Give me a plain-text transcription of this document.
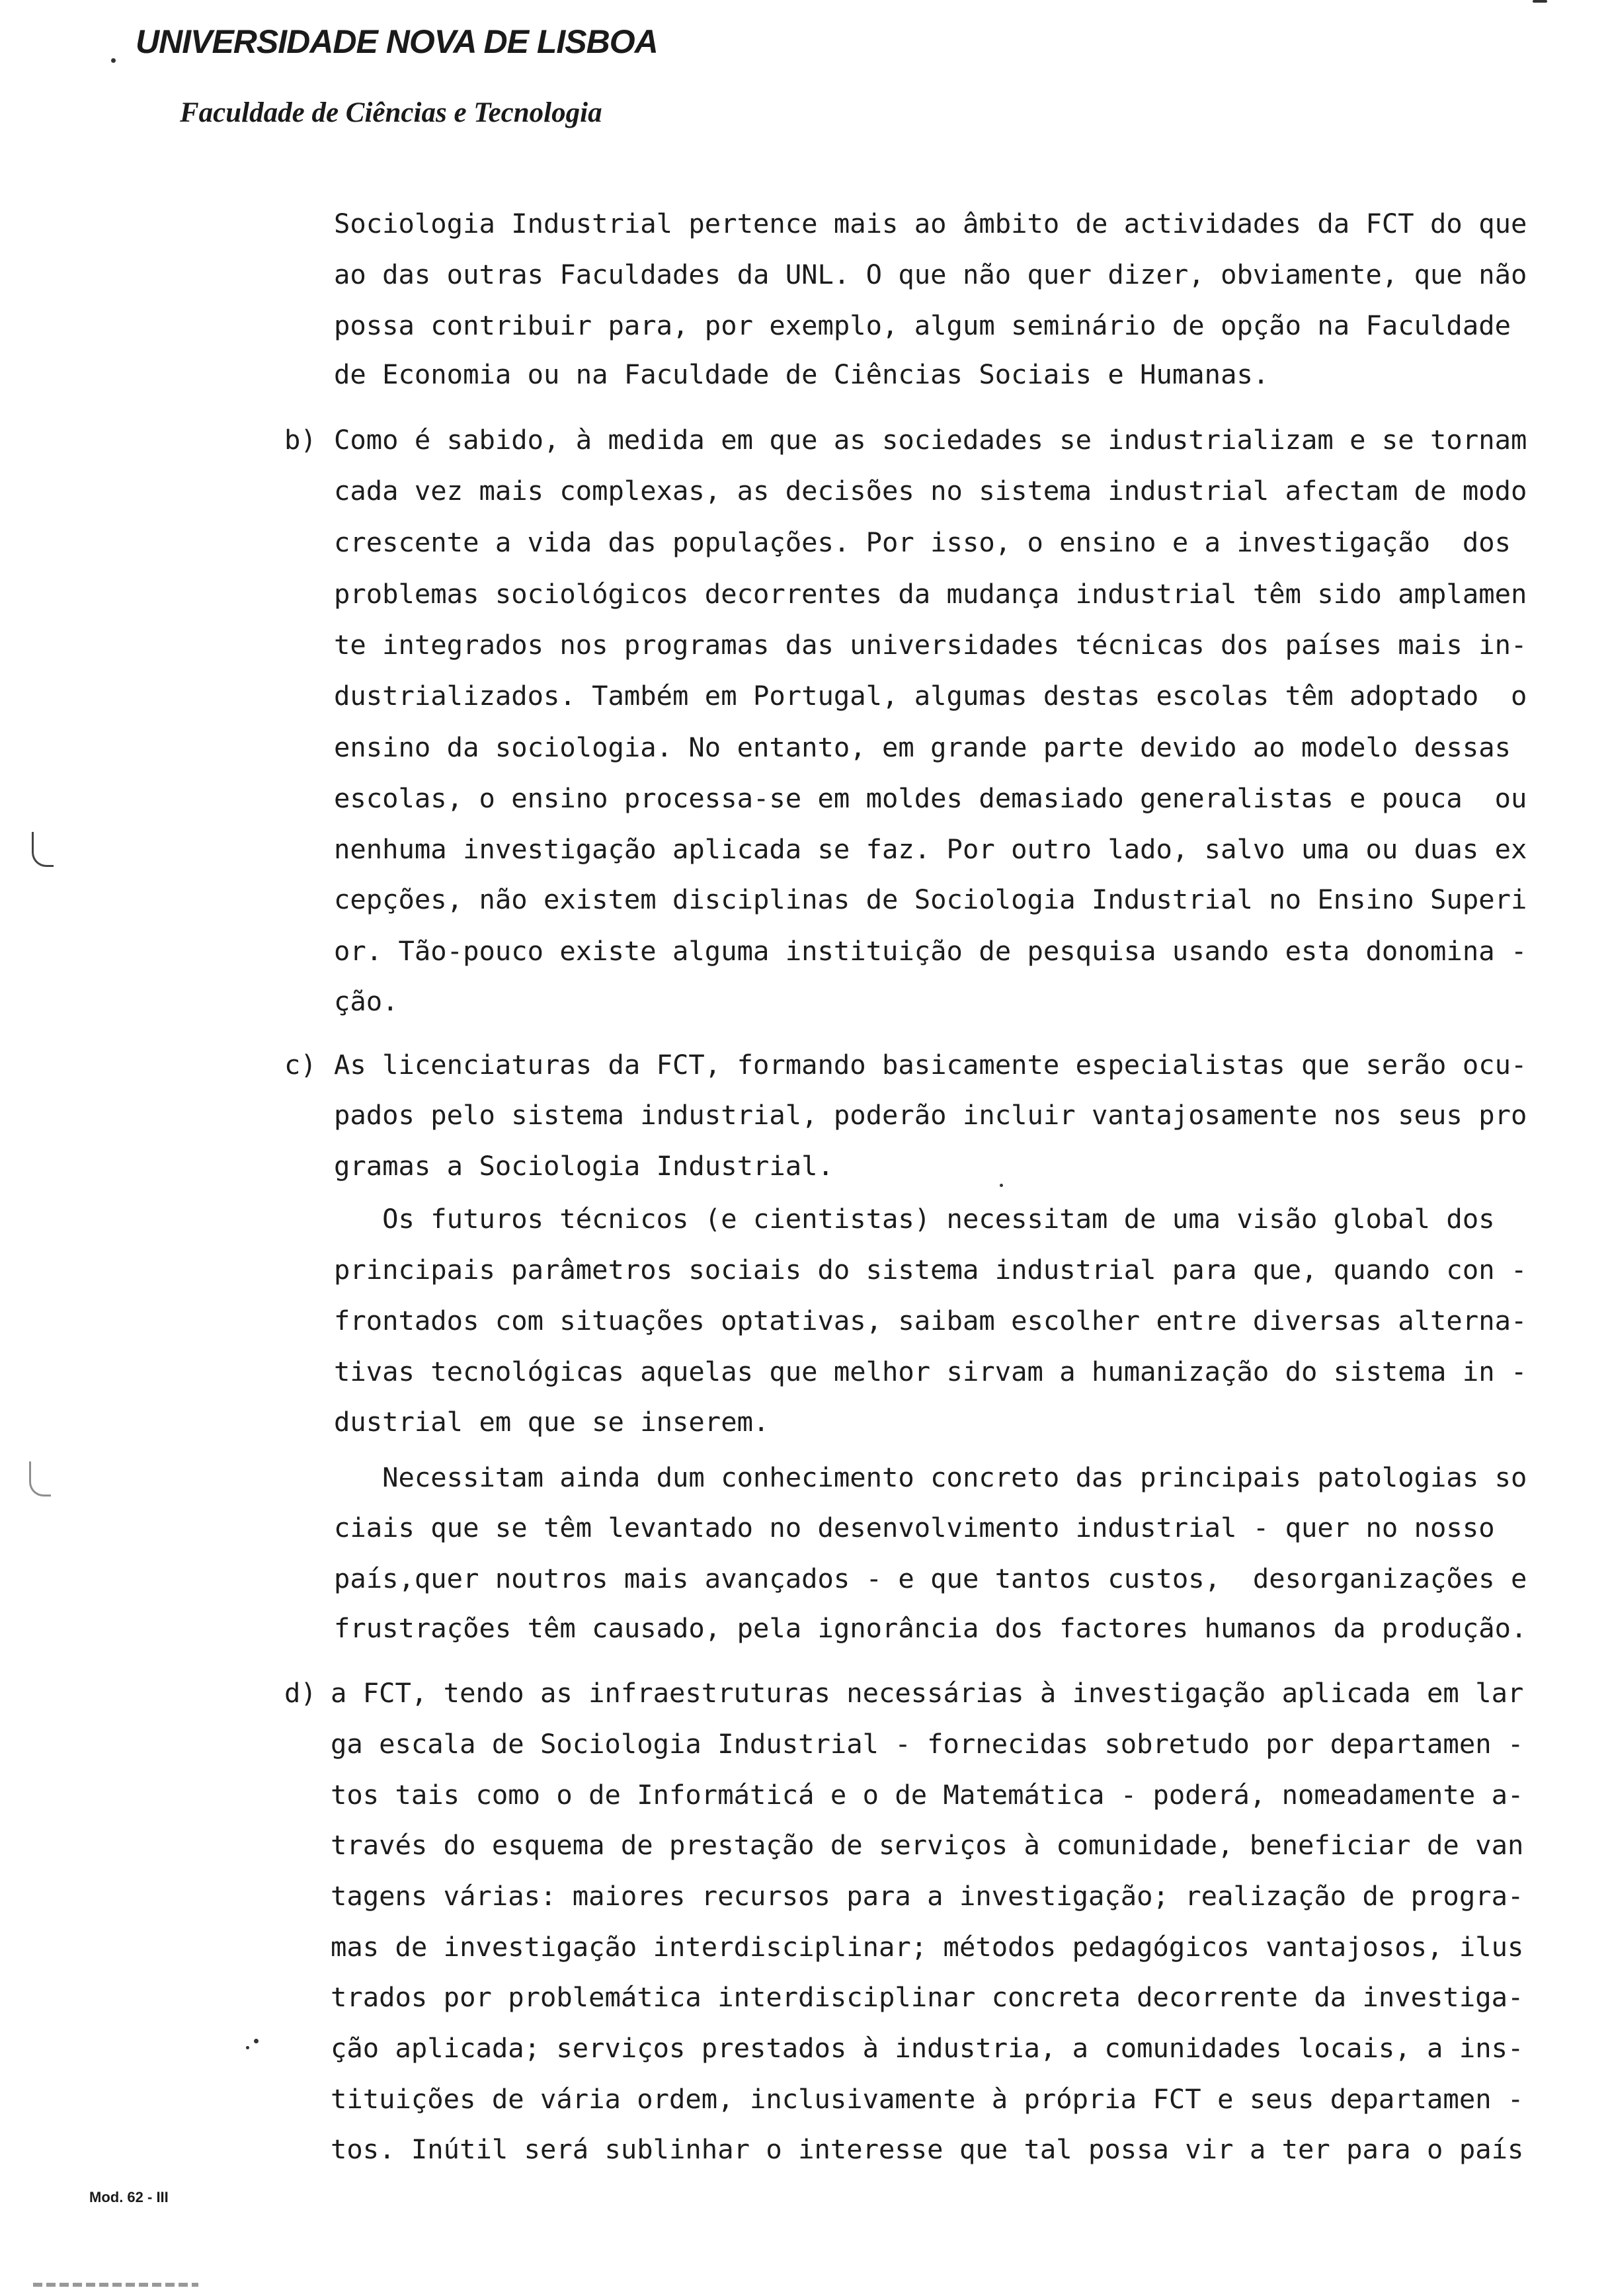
UNIVERSIDADE NOVA DE LISBOA
Faculdade de Ciências e Tecnologia
Sociologia Industrial pertence mais ao âmbito de actividades da FCT do que
ao das outras Faculdades da UNL. O que não quer dizer, obviamente, que não
possa contribuir para, por exemplo, algum seminário de opção na Faculdade
de Economia ou na Faculdade de Ciências Sociais e Humanas.
b) Como é sabido, à medida em que as sociedades se industrializam e se tornam
cada vez mais complexas, as decisões no sistema industrial afectam de modo
crescente a vida das populações. Por isso, o ensino e a investigação  dos
problemas sociológicos decorrentes da mudança industrial têm sido amplamen
te integrados nos programas das universidades técnicas dos países mais in-
dustrializados. Também em Portugal, algumas destas escolas têm adoptado  o
ensino da sociologia. No entanto, em grande parte devido ao modelo dessas
escolas, o ensino processa-se em moldes demasiado generalistas e pouca  ou
nenhuma investigação aplicada se faz. Por outro lado, salvo uma ou duas ex
cepções, não existem disciplinas de Sociologia Industrial no Ensino Superi
or. Tão-pouco existe alguma instituição de pesquisa usando esta donomina -
ção.
c) As licenciaturas da FCT, formando basicamente especialistas que serão ocu-
pados pelo sistema industrial, poderão incluir vantajosamente nos seus pro
gramas a Sociologia Industrial.
Os futuros técnicos (e cientistas) necessitam de uma visão global dos
principais parâmetros sociais do sistema industrial para que, quando con -
frontados com situações optativas, saibam escolher entre diversas alterna-
tivas tecnológicas aquelas que melhor sirvam a humanização do sistema in -
dustrial em que se inserem.
Necessitam ainda dum conhecimento concreto das principais patologias so
ciais que se têm levantado no desenvolvimento industrial - quer no nosso
país,quer noutros mais avançados - e que tantos custos,  desorganizações e
frustrações têm causado, pela ignorância dos factores humanos da produção.
d) a FCT, tendo as infraestruturas necessárias à investigação aplicada em lar
ga escala de Sociologia Industrial - fornecidas sobretudo por departamen -
tos tais como o de Informáticá e o de Matemática - poderá, nomeadamente a-
través do esquema de prestação de serviços à comunidade, beneficiar de van
tagens várias: maiores recursos para a investigação; realização de progra-
mas de investigação interdisciplinar; métodos pedagógicos vantajosos, ilus
trados por problemática interdisciplinar concreta decorrente da investiga-
ção aplicada; serviços prestados à industria, a comunidades locais, a ins-
tituições de vária ordem, inclusivamente à própria FCT e seus departamen -
tos. Inútil será sublinhar o interesse que tal possa vir a ter para o país
Mod. 62 - III
